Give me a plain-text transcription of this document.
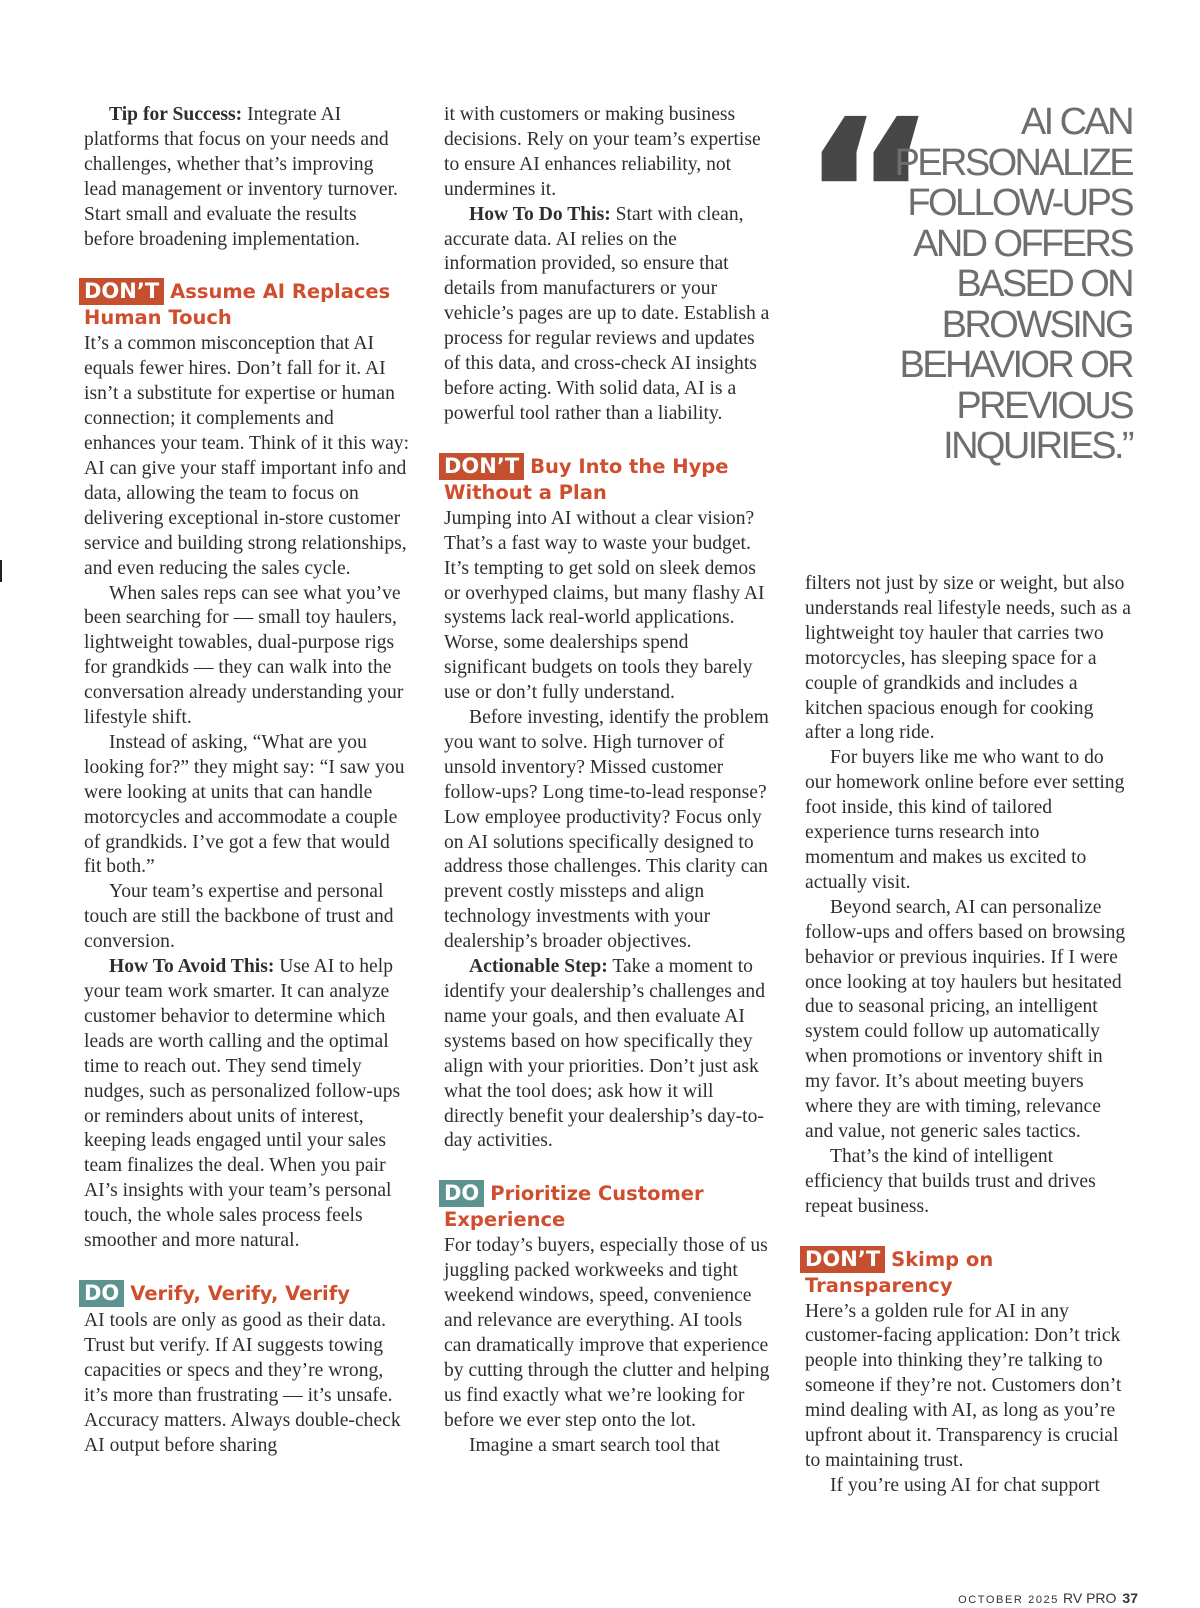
Tip for Success: Integrate AI platforms that focus on your needs and challenges, whether that’s improving lead management or inventory turnover. Start small and evaluate the results before broadening implementation.

DON’T Assume AI Replaces Human Touch

It’s a common misconception that AI equals fewer hires. Don’t fall for it. AI isn’t a substitute for expertise or human connection; it complements and enhances your team. Think of it this way: AI can give your staff important info and data, allowing the team to focus on delivering exceptional in-store customer service and building strong relationships, and even reducing the sales cycle.

When sales reps can see what you’ve been searching for — small toy haulers, lightweight towables, dual-purpose rigs for grandkids — they can walk into the conversation already understanding your lifestyle shift.

Instead of asking, “What are you looking for?” they might say: “I saw you were looking at units that can handle motorcycles and accommodate a couple of grandkids. I’ve got a few that would fit both.”

Your team’s expertise and personal touch are still the backbone of trust and conversion.

How To Avoid This: Use AI to help your team work smarter. It can analyze customer behavior to determine which leads are worth calling and the optimal time to reach out. They send timely nudges, such as personalized follow-ups or reminders about units of interest, keeping leads engaged until your sales team finalizes the deal. When you pair AI’s insights with your team’s personal touch, the whole sales process feels smoother and more natural.

DO Verify, Verify, Verify

AI tools are only as good as their data. Trust but verify. If AI suggests towing capacities or specs and they’re wrong, it’s more than frustrating — it’s unsafe. Accuracy matters. Always double-check AI output before sharing

it with customers or making business decisions. Rely on your team’s expertise to ensure AI enhances reliability, not undermines it.

How To Do This: Start with clean, accurate data. AI relies on the information provided, so ensure that details from manufacturers or your vehicle’s pages are up to date. Establish a process for regular reviews and updates of this data, and cross-check AI insights before acting. With solid data, AI is a powerful tool rather than a liability.

DON’T Buy Into the Hype Without a Plan

Jumping into AI without a clear vision? That’s a fast way to waste your budget. It’s tempting to get sold on sleek demos or overhyped claims, but many flashy AI systems lack real-world applications. Worse, some dealerships spend significant budgets on tools they barely use or don’t fully understand.

Before investing, identify the problem you want to solve. High turnover of unsold inventory? Missed customer follow-ups? Long time-to-lead response? Low employee productivity? Focus only on AI solutions specifically designed to address those challenges. This clarity can prevent costly missteps and align technology investments with your dealership’s broader objectives.

Actionable Step: Take a moment to identify your dealership’s challenges and name your goals, and then evaluate AI systems based on how specifically they align with your priorities. Don’t just ask what the tool does; ask how it will directly benefit your dealership’s day-to-day activities.

DO Prioritize Customer Experience

For today’s buyers, especially those of us juggling packed workweeks and tight weekend windows, speed, convenience and relevance are everything. AI tools can dramatically improve that experience by cutting through the clutter and helping us find exactly what we’re looking for before we ever step onto the lot.

Imagine a smart search tool that

“	AI CAN PERSONALIZE FOLLOW-UPS AND OFFERS BASED ON BROWSING BEHAVIOR OR PREVIOUS INQUIRIES.”

filters not just by size or weight, but also understands real lifestyle needs, such as a lightweight toy hauler that carries two motorcycles, has sleeping space for a couple of grandkids and includes a kitchen spacious enough for cooking after a long ride.

For buyers like me who want to do our homework online before ever setting foot inside, this kind of tailored experience turns research into momentum and makes us excited to actually visit.

Beyond search, AI can personalize follow-ups and offers based on browsing behavior or previous inquiries. If I were once looking at toy haulers but hesitated due to seasonal pricing, an intelligent system could follow up automatically when promotions or inventory shift in my favor. It’s about meeting buyers where they are with timing, relevance and value, not generic sales tactics.

That’s the kind of intelligent efficiency that builds trust and drives repeat business.

DON’T Skimp on Transparency

Here’s a golden rule for AI in any customer-facing application: Don’t trick people into thinking they’re talking to someone if they’re not. Customers don’t mind dealing with AI, as long as you’re upfront about it. Transparency is crucial to maintaining trust.

If you’re using AI for chat support

OCTOBER 2025 RV PRO 37
